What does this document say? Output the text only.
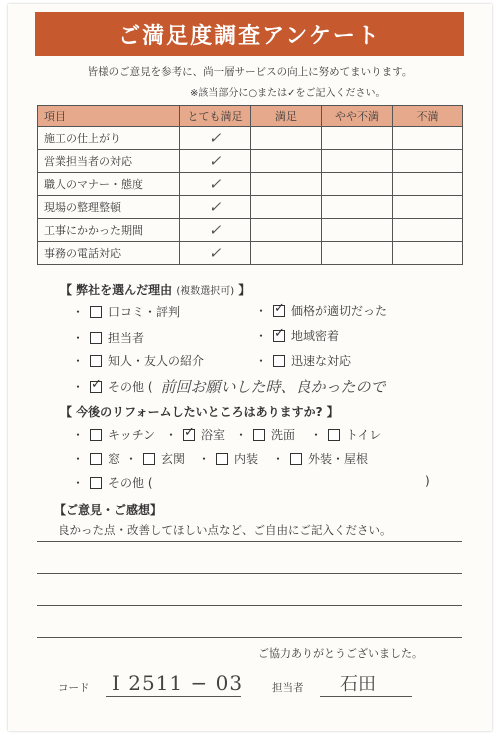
ご満足度調査アンケート
皆様のご意見を参考に、尚一層サービスの向上に努めてまいります。
※該当部分に○または✓をご記入ください。
項目	とても満足	満足	やや不満	不満
施工の仕上がり	✓			
営業担当者の対応	✓			
職人のマナー・態度	✓			
現場の整理整頓	✓			
工事にかかった期間	✓			
事務の電話対応	✓			
【 弊社を選んだ理由 (複数選択可) 】
・ 口コミ・評判	・ ✓ 価格が適切だった
・ 担当者	・ ✓ 地域密着
・ 知人・友人の紹介	・ 迅速な対応
・ ✓ その他 ( 前回お願いした時、良かったので
【 今後のリフォームしたいところはありますか? 】
・ キッチン ・ ✓ 浴室 ・ 洗面 ・ トイレ
・ 窓 ・ 玄関 ・ 内装 ・ 外装・屋根
・ その他 (	)
【ご意見・ご感想】
良かった点・改善してほしい点など、ご自由にご記入ください。
ご協力ありがとうございました。
コード I 2511 − 03	担当者 石田
